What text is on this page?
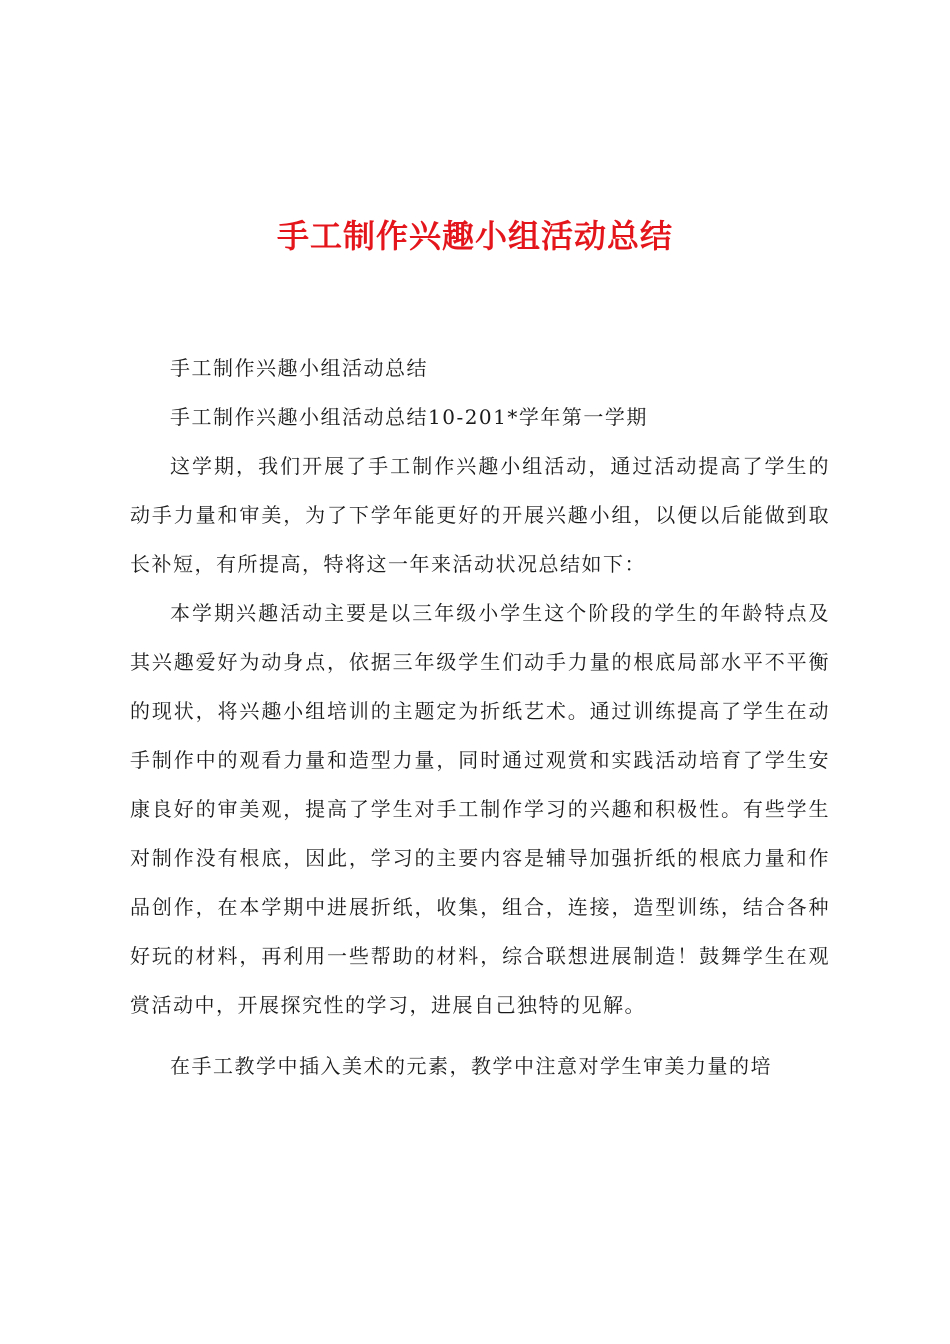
手工制作兴趣小组活动总结

手工制作兴趣小组活动总结

手工制作兴趣小组活动总结10-201*学年第一学期

这学期，我们开展了手工制作兴趣小组活动，通过活动提高了学生的动手力量和审美，为了下学年能更好的开展兴趣小组，以便以后能做到取长补短，有所提高，特将这一年来活动状况总结如下：

本学期兴趣活动主要是以三年级小学生这个阶段的学生的年龄特点及其兴趣爱好为动身点，依据三年级学生们动手力量的根底局部水平不平衡的现状，将兴趣小组培训的主题定为折纸艺术。通过训练提高了学生在动手制作中的观看力量和造型力量，同时通过观赏和实践活动培育了学生安康良好的审美观，提高了学生对手工制作学习的兴趣和积极性。有些学生对制作没有根底，因此，学习的主要内容是辅导加强折纸的根底力量和作品创作，在本学期中进展折纸，收集，组合，连接，造型训练，结合各种好玩的材料，再利用一些帮助的材料，综合联想进展制造！鼓舞学生在观赏活动中，开展探究性的学习，进展自己独特的见解。

在手工教学中插入美术的元素，教学中注意对学生审美力量的培
